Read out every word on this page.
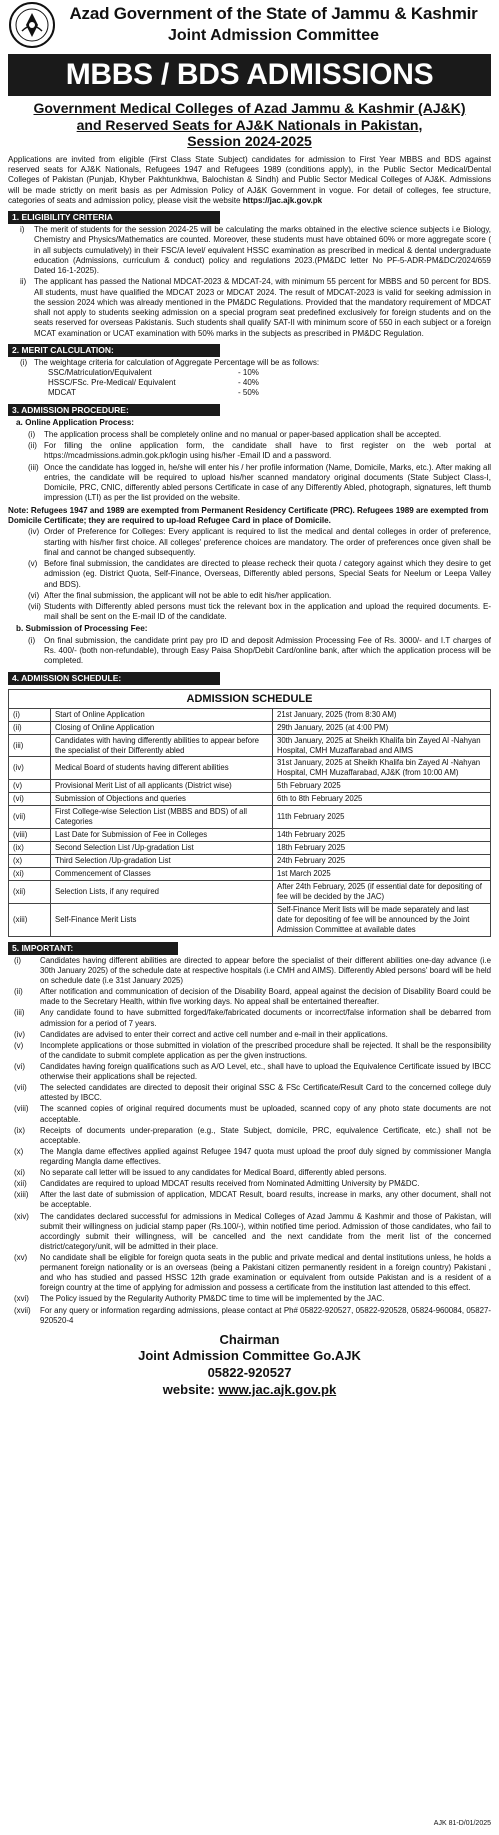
Azad Government of the State of Jammu & Kashmir
Joint Admission Committee
MBBS / BDS ADMISSIONS
Government Medical Colleges of Azad Jammu & Kashmir (AJ&K)
and Reserved Seats for AJ&K Nationals in Pakistan,
Session 2024-2025
Applications are invited from eligible (First Class State Subject) candidates for admission to First Year MBBS and BDS against reserved seats for AJ&K Nationals, Refugees 1947 and Refugees 1989 (conditions apply), in the Public Sector Medical/Dental Colleges of Pakistan (Punjab, Khyber Pakhtunkhwa, Balochistan & Sindh) and Public Sector Medical Colleges of AJ&K. Admissions will be made strictly on merit basis as per Admission Policy of AJ&K Government in vogue. For detail of colleges, fee structure, categories of seats and admission policy, please visit the website https://jac.ajk.gov.pk
1. ELIGIBILITY CRITERIA
i)	The merit of students for the session 2024-25 will be calculating the marks obtained in the elective science subjects i.e Biology, Chemistry and Physics/Mathematics are counted. Moreover, these students must have obtained 60% or more aggregate score ( in all subjects cumulatively) in their FSC/A level/ equivalent HSSC examination as prescribed in medical & dental undergraduate education (Admissions, curriculum & conduct) policy and regulations 2023.(PM&DC letter No PF-5-ADR-PM&DC/2024/659 Dated 16-1-2025).
ii) The applicant has passed the National MDCAT-2023 & MDCAT-24, with minimum 55 percent for MBBS and 50 percent for BDS. All students, must have qualified the MDCAT 2023 or MDCAT 2024. The result of MDCAT-2023 is valid for seeking admission in the session 2024 which was already mentioned in the PM&DC Regulations. Provided that the mandatory requirement of MDCAT shall not apply to students seeking admission on a special program seat predefined exclusively for foreign students and on the seats reserved for overseas Pakistanis. Such students shall qualify SAT-II with minimum score of 550 in each subject or a foreign MCAT examination or UCAT examination with 50% marks in the subjects as prescribed in PM&DC Regulation.
2. MERIT CALCULATION:
(i) The weightage criteria for calculation of Aggregate Percentage will be as follows:
SSC/Matriculation/Equivalent	- 10%
HSSC/FSc. Pre-Medical/ Equivalent	- 40%
MDCAT	- 50%
3. ADMISSION PROCEDURE:
a. Online Application Process:
(i)	The application process shall be completely online and no manual or paper-based application shall be accepted.
(ii) For filling the online application form, the candidate shall have to first register on the web portal at https://mcadmissions.admin.gok.pk/login using his/her -Email ID and a password.
(iii) Once the candidate has logged in, he/she will enter his / her profile information (Name, Domicile, Marks, etc.). After making all entries, the candidate will be required to upload his/her scanned mandatory original documents (State Subject Class-I, Domicile, PRC, CNIC, differently abled persons Certificate in case of any Differently Abled, photograph, signatures, left thumb impression (LTI) as per the list provided on the website.
Note: Refugees 1947 and 1989 are exempted from Permanent Residency Certificate (PRC). Refugees 1989 are exempted from Domicile Certificate; they are required to up-load Refugee Card in place of Domicile.
(iv) Order of Preference for Colleges: Every applicant is required to list the medical and dental colleges in order of preference, starting with his/her first choice. All colleges' preference choices are mandatory. The order of preferences once given shall be final and cannot be changed subsequently.
(v) Before final submission, the candidates are directed to please recheck their quota / category against which they desire to get admission (eg. District Quota, Self-Finance, Overseas, Differently abled persons, Special Seats for Neelum or Leepa Valley and BDS).
(vi) After the final submission, the applicant will not be able to edit his/her application.
(vii) Students with Differently abled persons must tick the relevant box in the application and upload the required documents. E-mail shall be sent on the E-mail ID of the candidate.
b. Submission of Processing Fee:
(i)	On final submission, the candidate print pay pro ID and deposit Admission Processing Fee of Rs. 3000/- and I.T charges of Rs. 400/- (both non-refundable), through Easy Paisa Shop/Debit Card/online bank, after which the application process will be completed.
4. ADMISSION SCHEDULE:
ADMISSION SCHEDULE		
(i)	Start of Online Application	21st January, 2025 (from 8:30 AM)
(ii)	Closing of Online Application	29th January, 2025 (at 4:00 PM)
(iii)	Candidates with having differently abilities to appear before the specialist of their Differently abled	30th January, 2025 at Sheikh Khalifa bin Zayed Al -Nahyan Hospital, CMH Muzaffarabad and AIMS
(iv)	Medical Board of students having different abilities	31st January, 2025 at Sheikh Khalifa bin Zayed Al -Nahyan Hospital, CMH Muzaffarabad, AJ&K (from 10:00 AM)
(v)	Provisional Merit List of all applicants (District wise)	5th February 2025
(vi)	Submission of Objections and queries	6th to 8th February 2025
(vii)	First College-wise Selection List (MBBS and BDS) of all Categories	11th February 2025
(viii)	Last Date for Submission of Fee in Colleges	14th February 2025
(ix)	Second Selection List /Up-gradation List	18th February 2025
(x)	Third Selection /Up-gradation List	24th February 2025
(xi)	Commencement of Classes	1st March 2025
(xii)	Selection Lists, if any required	After 24th February, 2025 (if essential date for depositing of fee will be decided by the JAC)
(xiii)	Self-Finance Merit Lists	Self-Finance Merit lists will be made separately and last date for depositing of fee will be announced by the Joint Admission Committee at available dates
5. IMPORTANT:
(i)	Candidates having different abilities are directed to appear before the specialist of their different abilities one-day advance (i.e 30th January 2025) of the schedule date at respective hospitals (i.e CMH and AIMS). Differently Abled persons' board will be held on schedule date (i.e 31st January 2025)
(ii)	After notification and communication of decision of the Disability Board, appeal against the decision of Disability Board could be made to the Secretary Health, within five working days. No appeal shall be entertained thereafter.
(iii)	Any candidate found to have submitted forged/fake/fabricated documents or incorrect/false information shall be debarred from admission for a period of 7 years.
(iv)	Candidates are advised to enter their correct and active cell number and e-mail in their applications.
(v)	Incomplete applications or those submitted in violation of the prescribed procedure shall be rejected. It shall be the responsibility of the candidate to submit complete application as per the given instructions.
(vi)	Candidates having foreign qualifications such as A/O Level, etc., shall have to upload the Equivalence Certificate issued by IBCC otherwise their applications shall be rejected.
(vii)	The selected candidates are directed to deposit their original SSC & FSc Certificate/Result Card to the concerned college duly attested by IBCC.
(viii)	The scanned copies of original required documents must be uploaded, scanned copy of any photo state documents are not acceptable.
(ix)	Receipts of documents under-preparation (e.g., State Subject, domicile, PRC, equivalence Certificate, etc.) shall not be acceptable.
(x)	The Mangla dame effectives applied against Refugee 1947 quota must upload the proof duly signed by commissioner Mangla regarding Mangla dame effectives.
(xi)	No separate call letter will be issued to any candidates for Medical Board, differently abled persons.
(xii)	Candidates are required to upload MDCAT results received from Nominated Admitting University by PM&DC.
(xiii)	After the last date of submission of application, MDCAT Result, board results, increase in marks, any other document, shall not be acceptable.
(xiv)	The candidates declared successful for admissions in Medical Colleges of Azad Jammu & Kashmir and those of Pakistan, will submit their willingness on judicial stamp paper (Rs.100/-), within notified time period. Admission of those candidates, who fail to accordingly submit their willingness, will be cancelled and the next candidate from the merit list of the concerned district/category/unit, will be admitted in their place.
(xv)	No candidate shall be eligible for foreign quota seats in the public and private medical and dental institutions unless, he holds a permanent foreign nationality or is an overseas (being a Pakistani citizen permanently resident in a foreign country) Pakistani , and who has studied and passed HSSC 12th grade examination or equivalent from outside Pakistan and is a resident of a foreign country at the time of applying for admission and possess a certificate from the institution last attended to this effect.
(xvi)	The Policy issued by the Regularity Authority PM&DC time to time will be implemented by the JAC.
(xvii)	For any query or information regarding admissions, please contact at Ph# 05822-920527, 05822-920528, 05824-960084, 05827-920520-4
Chairman
Joint Admission Committee Go.AJK
05822-920527
website: www.jac.ajk.gov.pk
AJK 81-D/01/2025
